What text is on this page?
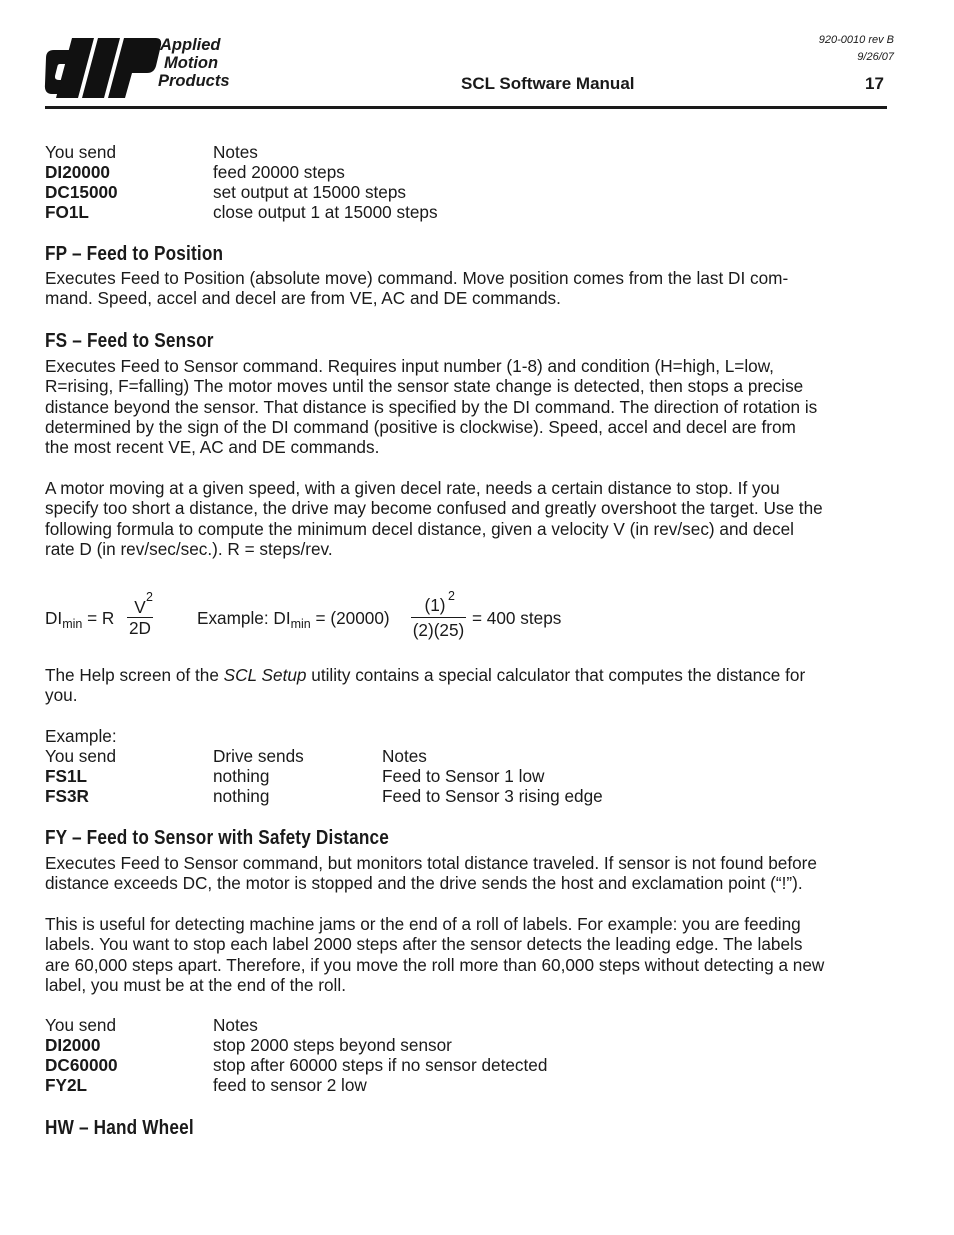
Applied
Motion
Products
920-0010 rev B
9/26/07
SCL Software Manual	17
You send	Notes
DI20000	feed 20000 steps
DC15000	set output at 15000 steps
FO1L	close output 1 at 15000 steps
FP – Feed to Position
Executes Feed to Position (absolute move) command. Move position comes from the last DI com-
mand. Speed, accel and decel are from VE, AC and DE commands.
FS – Feed to Sensor
Executes Feed to Sensor command. Requires input number (1-8) and condition (H=high, L=low,
R=rising, F=falling) The motor moves until the sensor state change is detected, then stops a precise
distance beyond the sensor. That distance is specified by the DI command. The direction of rotation is
determined by the sign of the DI command (positive is clockwise). Speed, accel and decel are from
the most recent VE, AC and DE commands.
A motor moving at a given speed, with a given decel rate, needs a certain distance to stop. If you
specify too short a distance, the drive may become confused and greatly overshoot the target. Use the
following formula to compute the minimum decel distance, given a velocity V (in rev/sec) and decel
rate D (in rev/sec/sec.). R = steps/rev.
$DI_{min} = R$
V 2
2D	Example: $DI_{min} = (20000)$
(1) 2
(2)(25)
= 400 steps
The Help screen of the SCL Setup utility contains a special calculator that computes the distance for
you.
Example:
You send	Drive sends	Notes
FS1L	nothing	Feed to Sensor 1 low
FS3R	nothing	Feed to Sensor 3 rising edge
FY – Feed to Sensor with Safety Distance
Executes Feed to Sensor command, but monitors total distance traveled. If sensor is not found before
distance exceeds DC, the motor is stopped and the drive sends the host and exclamation point (“!”).
This is useful for detecting machine jams or the end of a roll of labels. For example: you are feeding
labels. You want to stop each label 2000 steps after the sensor detects the leading edge. The labels
are 60,000 steps apart. Therefore, if you move the roll more than 60,000 steps without detecting a new
label, you must be at the end of the roll.
You send	Notes
DI2000	stop 2000 steps beyond sensor
DC60000	stop after 60000 steps if no sensor detected
FY2L	feed to sensor 2 low
HW – Hand Wheel
